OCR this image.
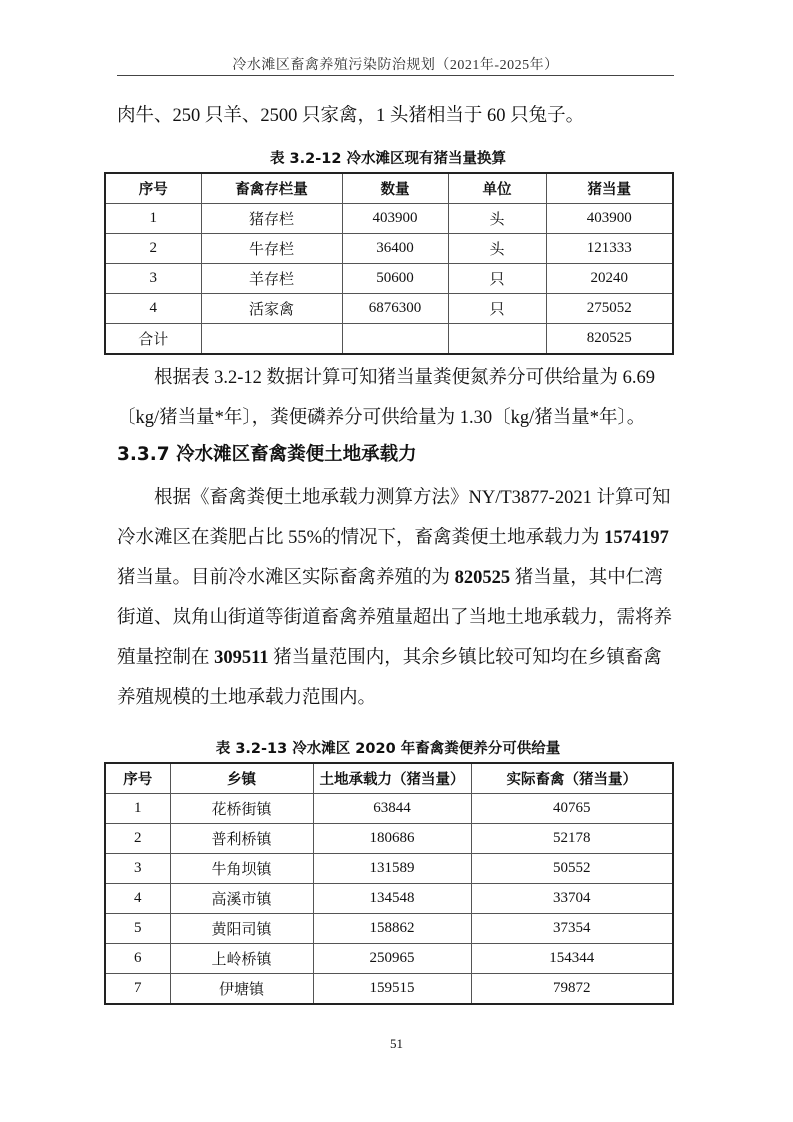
冷水滩区畜禽养殖污染防治规划（2021年-2025年）

肉牛、250 只羊、2500 只家禽，1 头猪相当于 60 只兔子。

表 3.2-12 冷水滩区现有猪当量换算
序号	畜禽存栏量	数量	单位	猪当量
1	猪存栏	403900	头	403900
2	牛存栏	36400	头	121333
3	羊存栏	50600	只	20240
4	活家禽	6876300	只	275052
合计				820525

根据表 3.2-12 数据计算可知猪当量粪便氮养分可供给量为 6.69

〔kg/猪当量*年〕，粪便磷养分可供给量为 1.30〔kg/猪当量*年〕。

3.3.7 冷水滩区畜禽粪便土地承载力

根据《畜禽粪便土地承载力测算方法》NY/T3877-2021 计算可知冷水滩区在粪肥占比 55%的情况下，畜禽粪便土地承载力为 1574197 猪当量。目前冷水滩区实际畜禽养殖的为 820525 猪当量，其中仁湾街道、岚角山街道等街道畜禽养殖量超出了当地土地承载力，需将养殖量控制在 309511 猪当量范围内，其余乡镇比较可知均在乡镇畜禽养殖规模的土地承载力范围内。

表 3.2-13 冷水滩区 2020 年畜禽粪便养分可供给量
序号	乡镇	土地承载力（猪当量）	实际畜禽（猪当量）
1	花桥街镇	63844	40765
2	普利桥镇	180686	52178
3	牛角坝镇	131589	50552
4	高溪市镇	134548	33704
5	黄阳司镇	158862	37354
6	上岭桥镇	250965	154344
7	伊塘镇	159515	79872
51
